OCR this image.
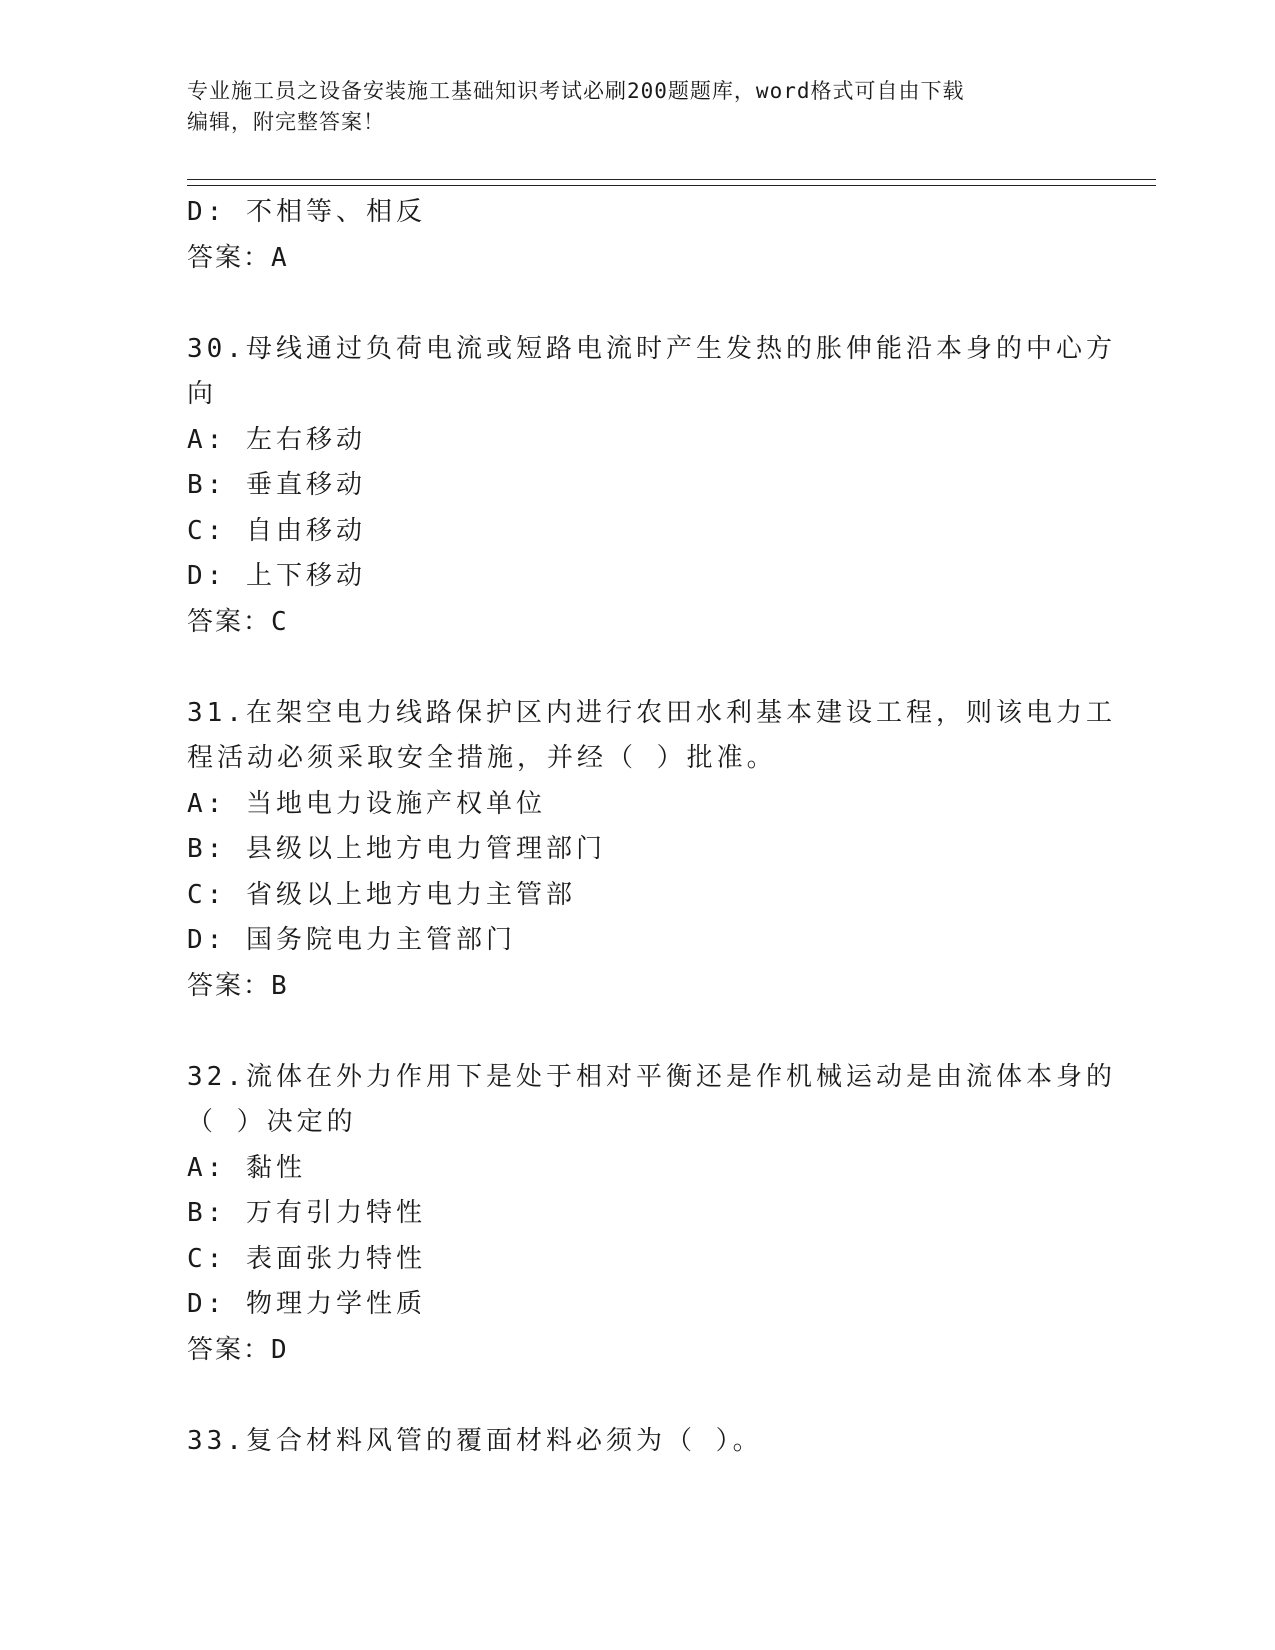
专业施工员之设备安装施工基础知识考试必刷200题题库，word格式可自由下载
编辑，附完整答案！
D: 不相等、相反
答案：A
30.母线通过负荷电流或短路电流时产生发热的胀伸能沿本身的中心方
向
A: 左右移动
B: 垂直移动
C: 自由移动
D: 上下移动
答案：C
31.在架空电力线路保护区内进行农田水利基本建设工程，则该电力工
程活动必须采取安全措施，并经（ ）批准。
A: 当地电力设施产权单位
B: 县级以上地方电力管理部门
C: 省级以上地方电力主管部
D: 国务院电力主管部门
答案：B
32.流体在外力作用下是处于相对平衡还是作机械运动是由流体本身的
（ ）决定的
A: 黏性
B: 万有引力特性
C: 表面张力特性
D: 物理力学性质
答案：D
33.复合材料风管的覆面材料必须为（ ）。
